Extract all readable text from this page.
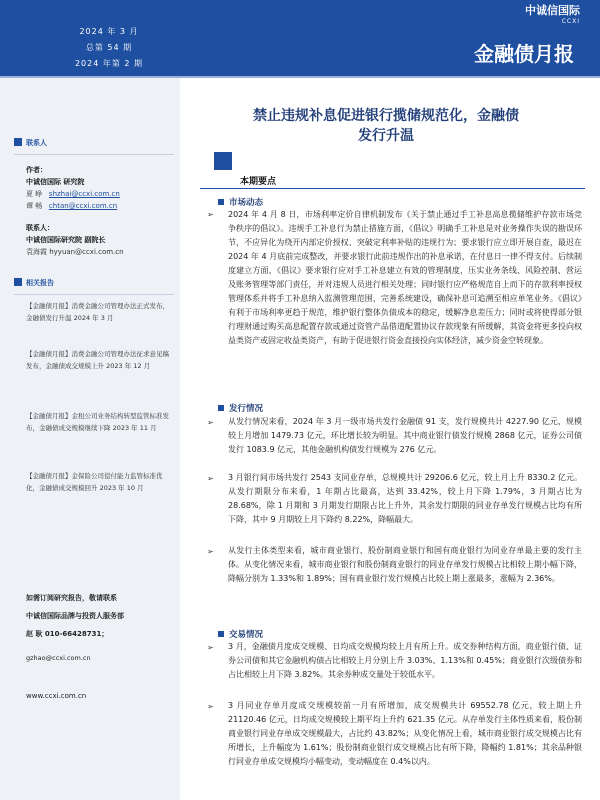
2024 年 3 月
总第 54 期
2024 年第 2 期
中诚信国际
CCXI
金融债月报
联系人
作者：
中诚信国际 研究院
夏 峥 shzhai@ccxi.com.cn
谭 畅 chtan@ccxi.com.cn
联系人：
中诚信国际研究院 副院长
袁海霞 hyyuan@ccxi.com.cn
相关报告
【金融债月报】消费金融公司管理办法正式发布，金融债发行升温 2024 年 3 月
【金融债月报】消费金融公司管理办法征求意见稿发布，金融债成交规模上升 2023 年 12 月
【金融债月报】金租公司业务结构转型监管标准发布，金融债成交规模继续下降 2023 年 11 月
【金融债月报】金保险公司偿付能力监管标准优化，金融债成交规模回升 2023 年 10 月
如需订阅研究报告，敬请联系
中诚信国际品牌与投资人服务部
赵 耿 010-66428731；
gzhao@ccxi.com.cn
www.ccxi.com.cn
禁止违规补息促进银行揽储规范化，金融债
发行升温
本期要点
市场动态
➢ 2024 年 4 月 8 日，市场利率定价自律机制发布《关于禁止通过手工补息高息揽储维护存款市场竞争秩序的倡议》。违规手工补息行为禁止措施方面，《倡议》明确手工补息是对业务操作失误的勘误环节，不应异化为绕开内部定价授权、突破定利率补贴的违规行为；要求银行应立即开展自查，最迟在 2024 年 4 月底前完成整改，并要求银行此前违规作出的补息承诺，在付息日一律不得支付。后续制度建立方面，《倡议》要求银行应对手工补息建立有效的管理制度，压实业务条线、风险控制、营运及账务管理等部门责任，并对违规人员进行相关处理；同时银行应严格规范自上而下的存款利率授权管理体系并将手工补息纳入监测管理范围，完善系统建设，确保补息可追溯至相应单笔业务。《倡议》有利于市场利率更趋于规范，维护银行整体负债成本的稳定，缓解净息差压力；同时或将使得部分银行理财通过购买高息配置存款或通过资管产品借道配置协议存款现象有所缓解，其资金将更多投向权益类资产或固定收益类资产，有助于促进银行资金直接投向实体经济，减少资金空转现象。
发行情况
➢ 从发行情况来看，2024 年 3 月一级市场共发行金融债 91 支，发行规模共计 4227.90 亿元，规模较上月增加 1479.73 亿元，环比增长较为明显。其中商业银行债发行规模 2868 亿元，证券公司债发行 1083.9 亿元，其他金融机构债发行规模为 276 亿元。
➢ 3 月银行间市场共发行 2543 支同业存单，总规模共计 29206.6 亿元，较上月上升 8330.2 亿元。从发行期限分布来看，1 年期占比最高，达到 33.42%，较上月下降 1.79%，3 月期占比为 28.68%，除 1 月期和 3 月期发行期限占比上升外，其余发行期限的同业存单发行规模占比均有所下降，其中 9 月期较上月下降约 8.22%，降幅最大。
➢ 从发行主体类型来看，城市商业银行、股份制商业银行和国有商业银行为同业存单最主要的发行主体。从变化情况来看，城市商业银行和股份制商业银行的同业存单发行规模占比相较上期小幅下降，降幅分别为 1.33%和 1.89%；国有商业银行发行规模占比较上期上涨最多，涨幅为 2.36%。
交易情况
➢ 3 月，金融债月度成交规模、日均成交规模均较上月有所上升。成交券种结构方面，商业银行债、证券公司债和其它金融机构债占比相较上月分别上升 3.03%、1.13%和 0.45%；商业银行次级债券和占比相较上月下降 3.82%。其余券种成交量处于较低水平。
➢ 3 月同业存单月度成交规模较前一月有所增加，成交规模共计 69552.78 亿元，较上期上升 21120.46 亿元，日均成交规模较上期平均上升约 621.35 亿元。从存单发行主体性质来看，股份制商业银行同业存单成交规模最大，占比约 43.82%；从变化情况上看，城市商业银行成交规模占比有所增长，上升幅度为 1.61%；股份制商业银行成交规模占比有所下降，降幅约 1.81%；其余品种银行同业存单成交规模均小幅变动，变动幅度在 0.4%以内。
